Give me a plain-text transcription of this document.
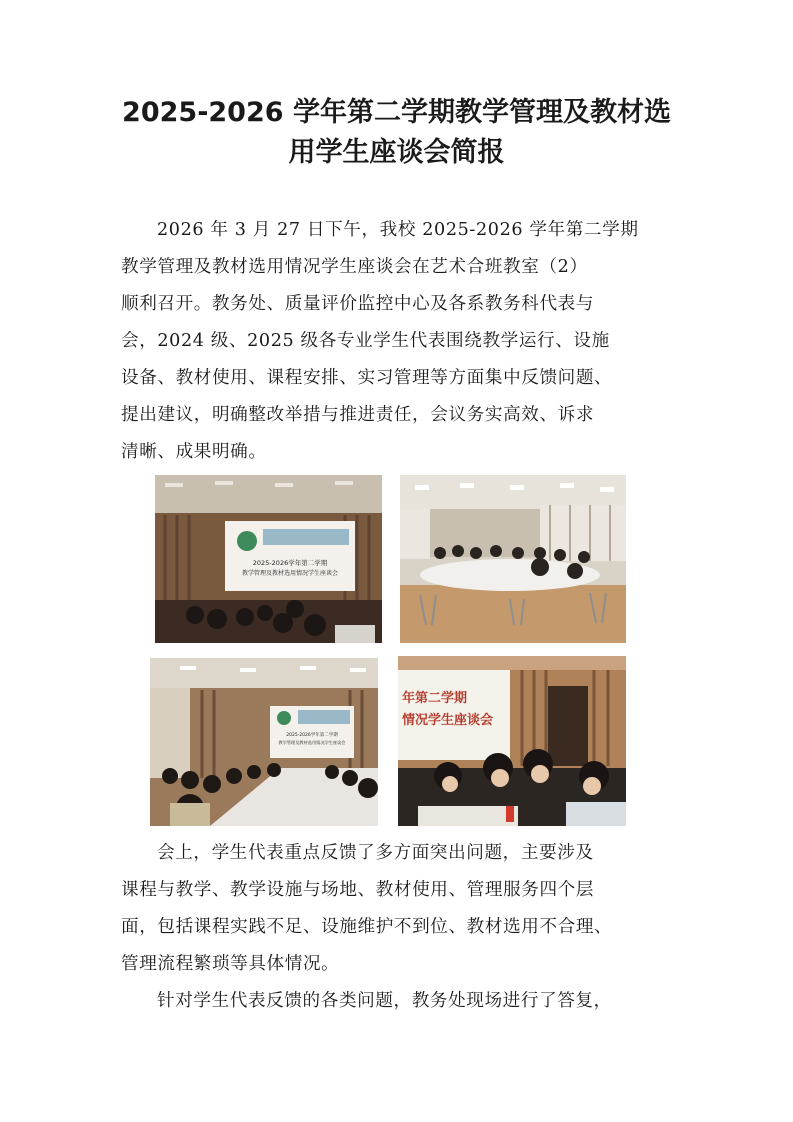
2025-2026 学年第二学期教学管理及教材选
用学生座谈会简报
2026 年 3 月 27 日下午，我校 2025-2026 学年第二学期
教学管理及教材选用情况学生座谈会在艺术合班教室（2）
顺利召开。教务处、质量评价监控中心及各系教务科代表与
会，2024 级、2025 级各专业学生代表围绕教学运行、设施
设备、教材使用、课程安排、实习管理等方面集中反馈问题、
提出建议，明确整改举措与推进责任，会议务实高效、诉求
清晰、成果明确。
2025-2026学年第二学期
教学管理及教材选用情况学生座谈会
2025-2026学年第二学期
教学管理及教材选用情况学生座谈会
年第二学期
情况学生座谈会
会上，学生代表重点反馈了多方面突出问题，主要涉及
课程与教学、教学设施与场地、教材使用、管理服务四个层
面，包括课程实践不足、设施维护不到位、教材选用不合理、
管理流程繁琐等具体情况。
针对学生代表反馈的各类问题，教务处现场进行了答复，
